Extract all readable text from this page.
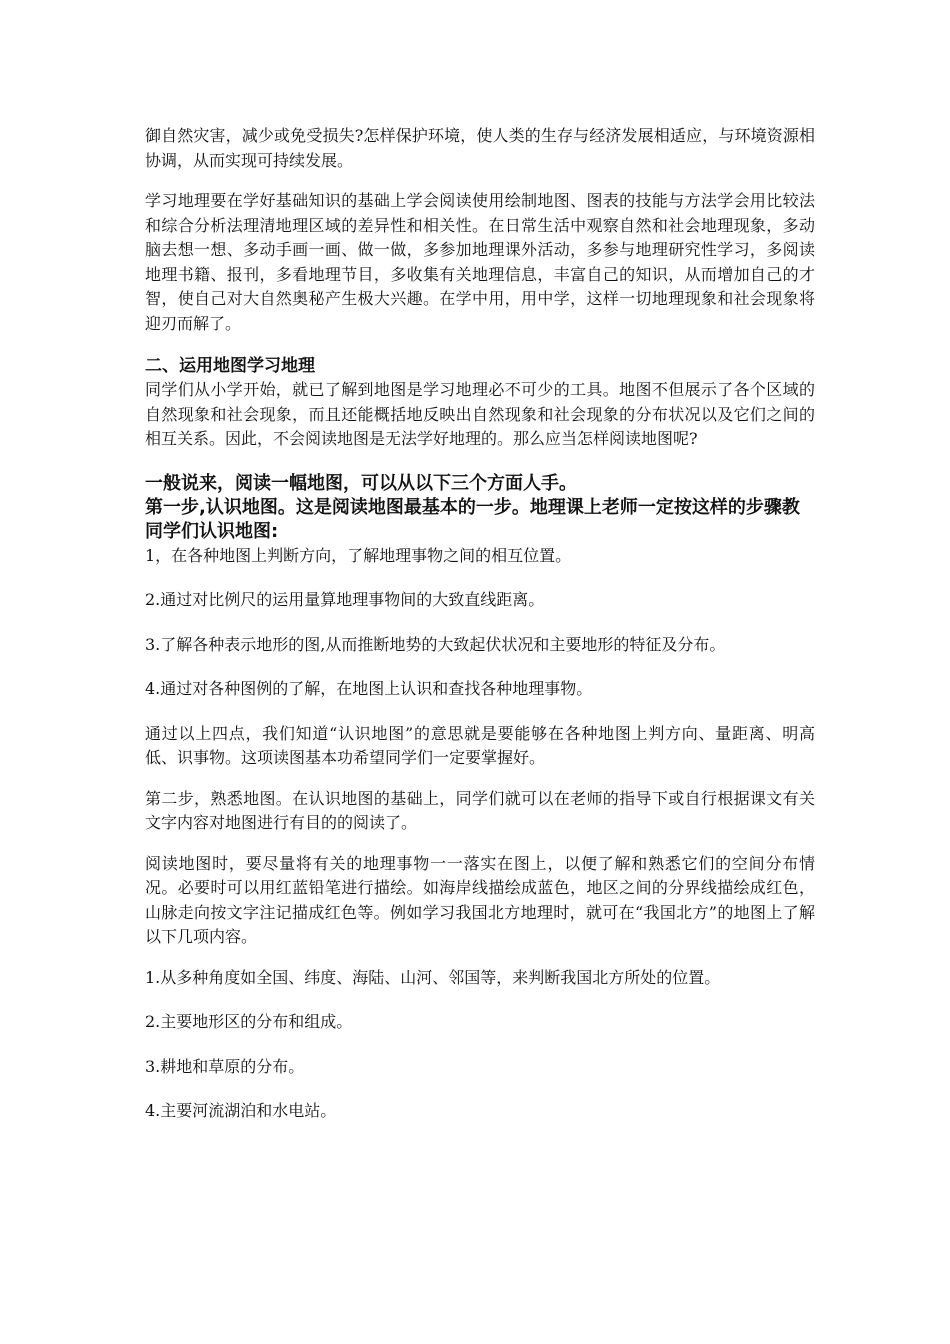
御自然灾害，减少或免受损失?怎样保护环境，使人类的生存与经济发展相适应，与环境资源相协调，从而实现可持续发展。

学习地理要在学好基础知识的基础上学会阅读使用绘制地图、图表的技能与方法学会用比较法和综合分析法理清地理区域的差异性和相关性。在日常生活中观察自然和社会地理现象，多动脑去想一想、多动手画一画、做一做，多参加地理课外活动，多参与地理研究性学习，多阅读地理书籍、报刊，多看地理节目，多收集有关地理信息，丰富自己的知识，从而增加自己的才智，使自己对大自然奥秘产生极大兴趣。在学中用，用中学，这样一切地理现象和社会现象将迎刃而解了。

二、运用地图学习地理

同学们从小学开始，就已了解到地图是学习地理必不可少的工具。地图不但展示了各个区域的自然现象和社会现象，而且还能概括地反映出自然现象和社会现象的分布状况以及它们之间的相互关系。因此，不会阅读地图是无法学好地理的。那么应当怎样阅读地图呢?

一般说来，阅读一幅地图，可以从以下三个方面人手。
第一步,认识地图。这是阅读地图最基本的一步。地理课上老师一定按这样的步骤教同学们认识地图:

1，在各种地图上判断方向，了解地理事物之间的相互位置。

2.通过对比例尺的运用量算地理事物间的大致直线距离。

3.了解各种表示地形的图,从而推断地势的大致起伏状况和主要地形的特征及分布。

4.通过对各种图例的了解，在地图上认识和查找各种地理事物。

通过以上四点，我们知道“认识地图”的意思就是要能够在各种地图上判方向、量距离、明高低、识事物。这项读图基本功希望同学们一定要掌握好。

第二步，熟悉地图。在认识地图的基础上，同学们就可以在老师的指导下或自行根据课文有关文字内容对地图进行有目的的阅读了。

阅读地图时，要尽量将有关的地理事物一一落实在图上，以便了解和熟悉它们的空间分布情况。必要时可以用红蓝铅笔进行描绘。如海岸线描绘成蓝色，地区之间的分界线描绘成红色，山脉走向按文字注记描成红色等。例如学习我国北方地理时，就可在“我国北方”的地图上了解以下几项内容。

1.从多种角度如全国、纬度、海陆、山河、邻国等，来判断我国北方所处的位置。

2.主要地形区的分布和组成。

3.耕地和草原的分布。

4.主要河流湖泊和水电站。
